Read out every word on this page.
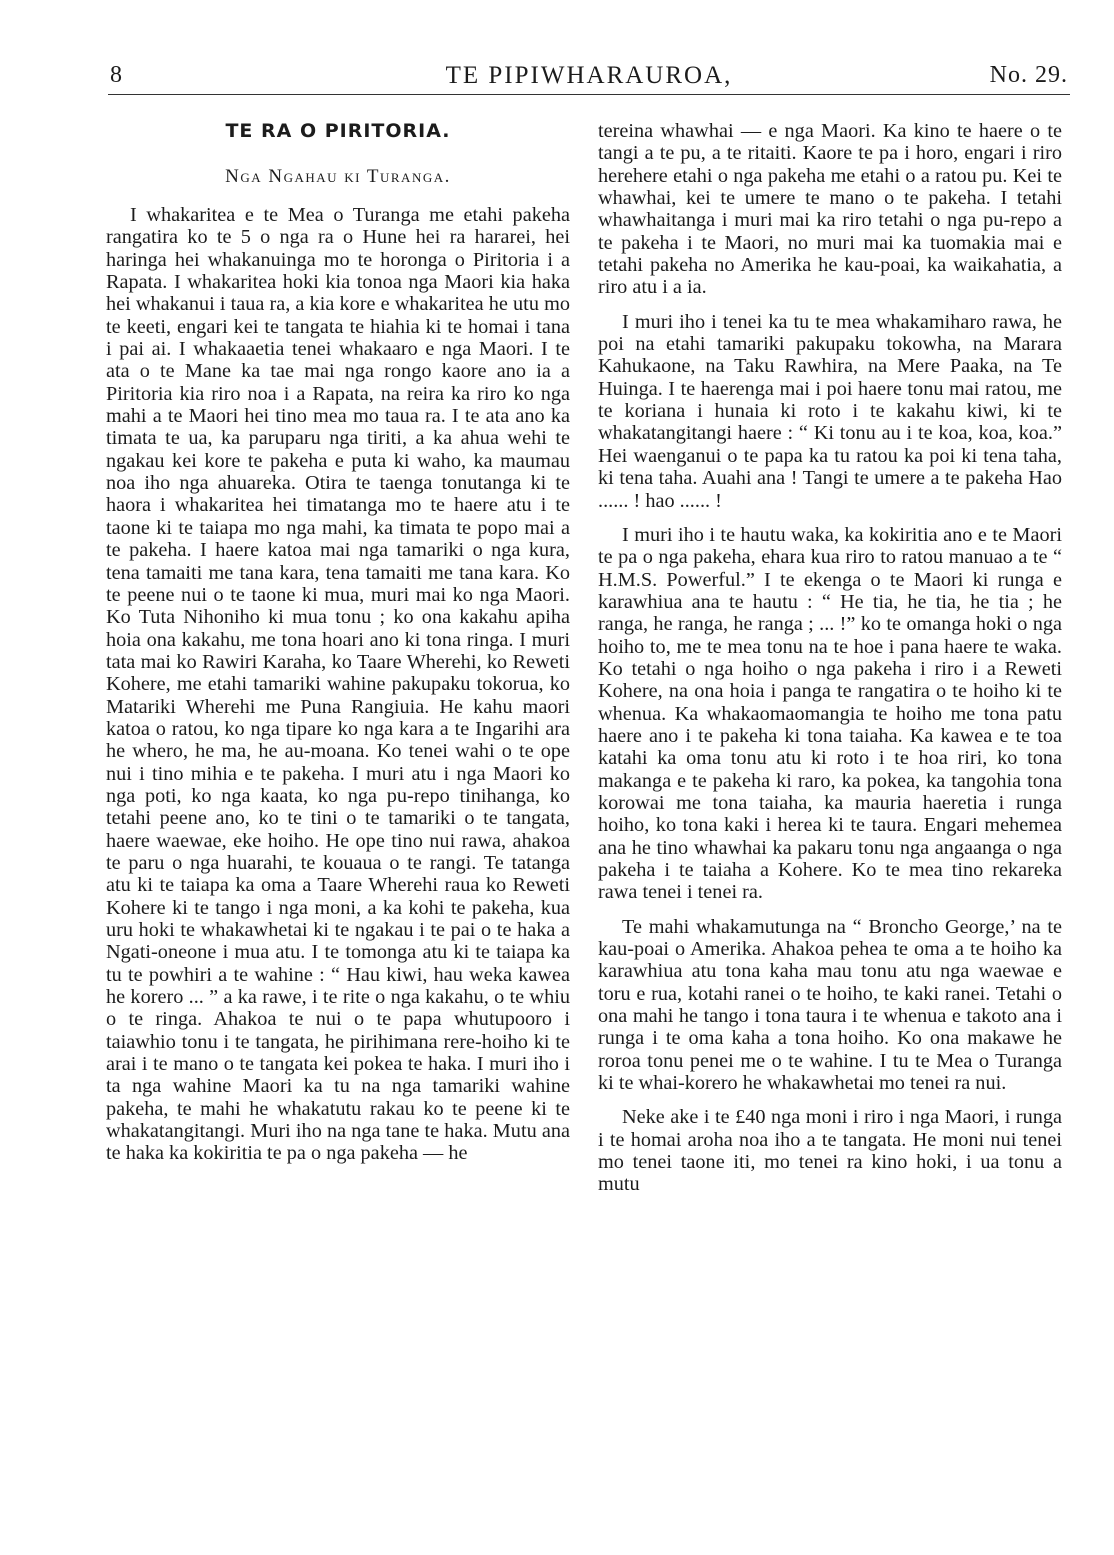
8	TE PIPIWHARAUROA,	No. 29.
TE RA O PIRITORIA.
Nga Ngahau ki Turanga.

I whakaritea e te Mea o Turanga me etahi pakeha rangatira ko te 5 o nga ra o Hune hei ra hararei, hei haringa hei whakanuinga mo te horonga o Piritoria i a Rapata. I whakaritea hoki kia tonoa nga Maori kia haka hei whakanui i taua ra, a kia kore e whakaritea he utu mo te keeti, engari kei te tangata te hiahia ki te homai i tana i pai ai. I whakaaetia tenei whakaaro e nga Maori. I te ata o te Mane ka tae mai nga rongo kaore ano ia a Piritoria kia riro noa i a Rapata, na reira ka riro ko nga mahi a te Maori hei tino mea mo taua ra. I te ata ano ka timata te ua, ka paruparu nga tiriti, a ka ahua wehi te ngakau kei kore te pakeha e puta ki waho, ka maumau noa iho nga ahuareka. Otira te taenga tonutanga ki te haora i whakaritea hei timatanga mo te haere atu i te taone ki te taiapa mo nga mahi, ka timata te popo mai a te pakeha. I haere katoa mai nga tamariki o nga kura, tena tamaiti me tana kara, tena tamaiti me tana kara. Ko te peene nui o te taone ki mua, muri mai ko nga Maori. Ko Tuta Nihoniho ki mua tonu ; ko ona kakahu apiha hoia ona kakahu, me tona hoari ano ki tona ringa. I muri tata mai ko Rawiri Karaha, ko Taare Wherehi, ko Reweti Kohere, me etahi tamariki wahine pakupaku tokorua, ko Matariki Wherehi me Puna Rangiuia. He kahu maori katoa o ratou, ko nga tipare ko nga kara a te Ingarihi ara he whero, he ma, he au-moana. Ko tenei wahi o te ope nui i tino mihia e te pakeha. I muri atu i nga Maori ko nga poti, ko nga kaata, ko nga pu-repo tinihanga, ko tetahi peene ano, ko te tini o te tamariki o te tangata, haere waewae, eke hoiho. He ope tino nui rawa, ahakoa te paru o nga huarahi, te kouaua o te rangi. Te tatanga atu ki te taiapa ka oma a Taare Wherehi raua ko Reweti Kohere ki te tango i nga moni, a ka kohi te pakeha, kua uru hoki te whakawhetai ki te ngakau i te pai o te haka a Ngati-oneone i mua atu. I te tomonga atu ki te taiapa ka tu te powhiri a te wahine : “ Hau kiwi, hau weka kawea he korero ... ” a ka rawe, i te rite o nga kakahu, o te whiu o te ringa. Ahakoa te nui o te papa whutupooro i taiawhio tonu i te tangata, he pirihimana rere-hoiho ki te arai i te mano o te tangata kei pokea te haka. I muri iho i ta nga wahine Maori ka tu na nga tamariki wahine pakeha, te mahi he whakatutu rakau ko te peene ki te whakatangitangi. Muri iho na nga tane te haka. Mutu ana te haka ka kokiritia te pa o nga pakeha — he

tereina whawhai — e nga Maori. Ka kino te haere o te tangi a te pu, a te ritaiti. Kaore te pa i horo, engari i riro herehere etahi o nga pakeha me etahi o a ratou pu. Kei te whawhai, kei te umere te mano o te pakeha. I tetahi whawhaitanga i muri mai ka riro tetahi o nga pu-repo a te pakeha i te Maori, no muri mai ka tuomakia mai e tetahi pakeha no Amerika he kau-poai, ka waikahatia, a riro atu i a ia.

I muri iho i tenei ka tu te mea whakamiharo rawa, he poi na etahi tamariki pakupaku tokowha, na Marara Kahukaone, na Taku Rawhira, na Mere Paaka, na Te Huinga. I te haerenga mai i poi haere tonu mai ratou, me te koriana i hunaia ki roto i te kakahu kiwi, ki te whakatangitangi haere : “ Ki tonu au i te koa, koa, koa.” Hei waenganui o te papa ka tu ratou ka poi ki tena taha, ki tena taha. Auahi ana ! Tangi te umere a te pakeha Hao ...... ! hao ...... !

I muri iho i te hautu waka, ka kokiritia ano e te Maori te pa o nga pakeha, ehara kua riro to ratou manuao a te “ H.M.S. Powerful.” I te ekenga o te Maori ki runga e karawhiua ana te hautu : “ He tia, he tia, he tia ; he ranga, he ranga, he ranga ; ... !” ko te omanga hoki o nga hoiho to, me te mea tonu na te hoe i pana haere te waka. Ko tetahi o nga hoiho o nga pakeha i riro i a Reweti Kohere, na ona hoia i panga te rangatira o te hoiho ki te whenua. Ka whakaomaomangia te hoiho me tona patu haere ano i te pakeha ki tona taiaha. Ka kawea e te toa katahi ka oma tonu atu ki roto i te hoa riri, ko tona makanga e te pakeha ki raro, ka pokea, ka tangohia tona korowai me tona taiaha, ka mauria haeretia i runga hoiho, ko tona kaki i herea ki te taura. Engari mehemea ana he tino whawhai ka pakaru tonu nga angaanga o nga pakeha i te taiaha a Kohere. Ko te mea tino rekareka rawa tenei i tenei ra.

Te mahi whakamutunga na “ Broncho George,’ na te kau-poai o Amerika. Ahakoa pehea te oma a te hoiho ka karawhiua atu tona kaha mau tonu atu nga waewae e toru e rua, kotahi ranei o te hoiho, te kaki ranei. Tetahi o ona mahi he tango i tona taura i te whenua e takoto ana i runga i te oma kaha a tona hoiho. Ko ona makawe he roroa tonu penei me o te wahine. I tu te Mea o Turanga ki te whai-korero he whakawhetai mo tenei ra nui.

Neke ake i te £40 nga moni i riro i nga Maori, i runga i te homai aroha noa iho a te tangata. He moni nui tenei mo tenei taone iti, mo tenei ra kino hoki, i ua tonu a mutu
